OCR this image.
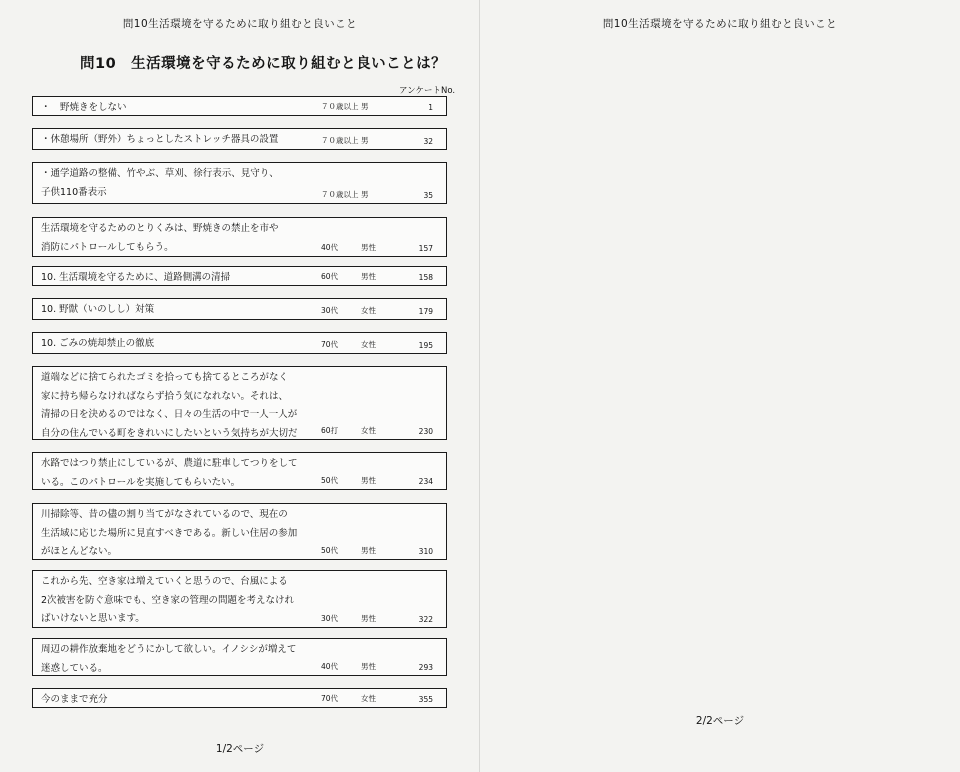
問10生活環境を守るために取り組むと良いこと
問10　生活環境を守るために取り組むと良いことは？
アンケートNo.
・　野焼きをしない	７０歳以上 男	1
・休憩場所（野外）ちょっとしたストレッチ器具の設置	７０歳以上 男	32
・通学道路の整備、竹やぶ、草刈、徐行表示、見守り、
子供110番表示	７０歳以上 男	35
生活環境を守るためのとりくみは、野焼きの禁止を市や
消防にパトロールしてもらう。	40代	男性	157
10. 生活環境を守るために、道路側溝の清掃	60代	男性	158
10. 野獣（いのしし）対策	30代	女性	179
10. ごみの焼却禁止の徹底	70代	女性	195
道端などに捨てられたゴミを拾っても捨てるところがなく
家に持ち帰らなければならず拾う気になれない。それは、
清掃の日を決めるのではなく、日々の生活の中で一人一人が
自分の住んでいる町をきれいにしたいという気持ちが大切だ	60打	女性	230
水路ではつり禁止にしているが、農道に駐車してつりをして
いる。このパトロールを実施してもらいたい。	50代	男性	234
川掃除等、昔の儘の割り当てがなされているので、現在の
生活域に応じた場所に見直すべきである。新しい住居の参加
がほとんどない。	50代	男性	310
これから先、空き家は増えていくと思うので、台風による
2次被害を防ぐ意味でも、空き家の管理の問題を考えなけれ
ばいけないと思います。	30代	男性	322
周辺の耕作放棄地をどうにかして欲しい。イノシシが増えて
迷惑している。	40代	男性	293
今のままで充分	70代	女性	355
1/2ページ
問10生活環境を守るために取り組むと良いこと
2/2ページ
